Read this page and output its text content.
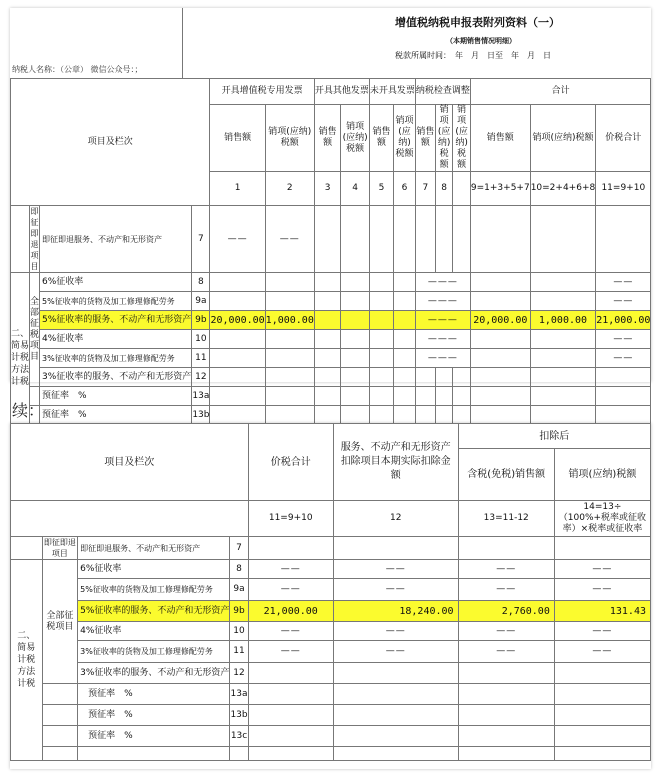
纳税人名称：（公章） 微信公众号：；
增值税纳税申报表附列资料（一）
（本期销售情况明细）
税款所属时间：　年　月　日至　年　月　日
项目及栏次				开具增值税专用发票		开具其他发票		未开具发票		纳税检查调整			合计		
				销售额	销项(应纳)税额	销售额	销项(应纳)税额	销售额	销项(应纳)税额	销售额	销项(应纳)税额	销项(应纳)税额	销售额	销项(应纳)税额	价税合计
				1	2	3	4	5	6	7	8		9=1+3+5+7	10=2+4+6+8	11=9+10
	即征即退项目	即征即退服务、不动产和无形资产	7	——	——										
二、简易计税方法计税	全部征税项目	6%征收率	8							———					——
		5%征收率的货物及加工修理修配劳务	9a							———					——
		5%征收率的服务、不动产和无形资产	9b	20,000.00	1,000.00					———			20,000.00	1,000.00	21,000.00
		4%征收率	10							———					——
		3%征收率的货物及加工修理修配劳务	11							———					——
		3%征收率的服务、不动产和无形资产	12												
		预征率　%	13a												
		预征率　%	13b												

续：
项目及栏次				价税合计	服务、不动产和无形资产扣除项目本期实际扣除金额	扣除后	
						含税(免税)销售额	销项(应纳)税额
				11=9+10	12	13=11-12	14=13÷（100%+税率或征收率）×税率或征收率
	即征即退项目	即征即退服务、不动产和无形资产	7				
二、简易计税方法计税	全部征税项目	6%征收率	8	——	——	——	——
		5%征收率的货物及加工修理修配劳务	9a	——	——	——	——
		5%征收率的服务、不动产和无形资产	9b	21,000.00	18,240.00	2,760.00	131.43
		4%征收率	10	——	——	——	——
		3%征收率的货物及加工修理修配劳务	11	——	——	——	——
		3%征收率的服务、不动产和无形资产	12				
		预征率　%	13a				
		预征率　%	13b				
		预征率　%	13c				
